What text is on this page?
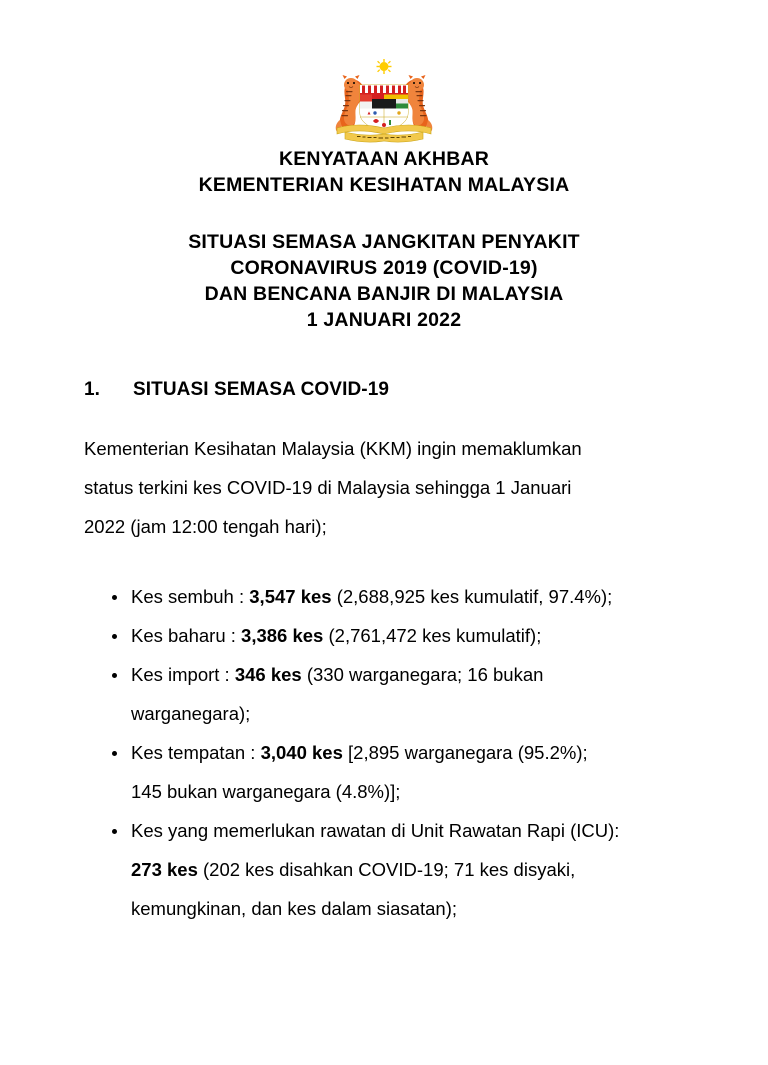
KENYATAAN AKHBAR
KEMENTERIAN KESIHATAN MALAYSIA
SITUASI SEMASA JANGKITAN PENYAKIT
CORONAVIRUS 2019 (COVID-19)
DAN BENCANA BANJIR DI MALAYSIA
1 JANUARI 2022
1. SITUASI SEMASA COVID-19
Kementerian Kesihatan Malaysia (KKM) ingin memaklumkan
status terkini kes COVID-19 di Malaysia sehingga 1 Januari
2022 (jam 12:00 tengah hari);
Kes sembuh : 3,547 kes (2,688,925 kes kumulatif, 97.4%);
Kes baharu : 3,386 kes (2,761,472 kes kumulatif);
Kes import : 346 kes (330 warganegara; 16 bukan
warganegara);
Kes tempatan : 3,040 kes [2,895 warganegara (95.2%);
145 bukan warganegara (4.8%)];
Kes yang memerlukan rawatan di Unit Rawatan Rapi (ICU):
273 kes (202 kes disahkan COVID-19; 71 kes disyaki,
kemungkinan, dan kes dalam siasatan);
